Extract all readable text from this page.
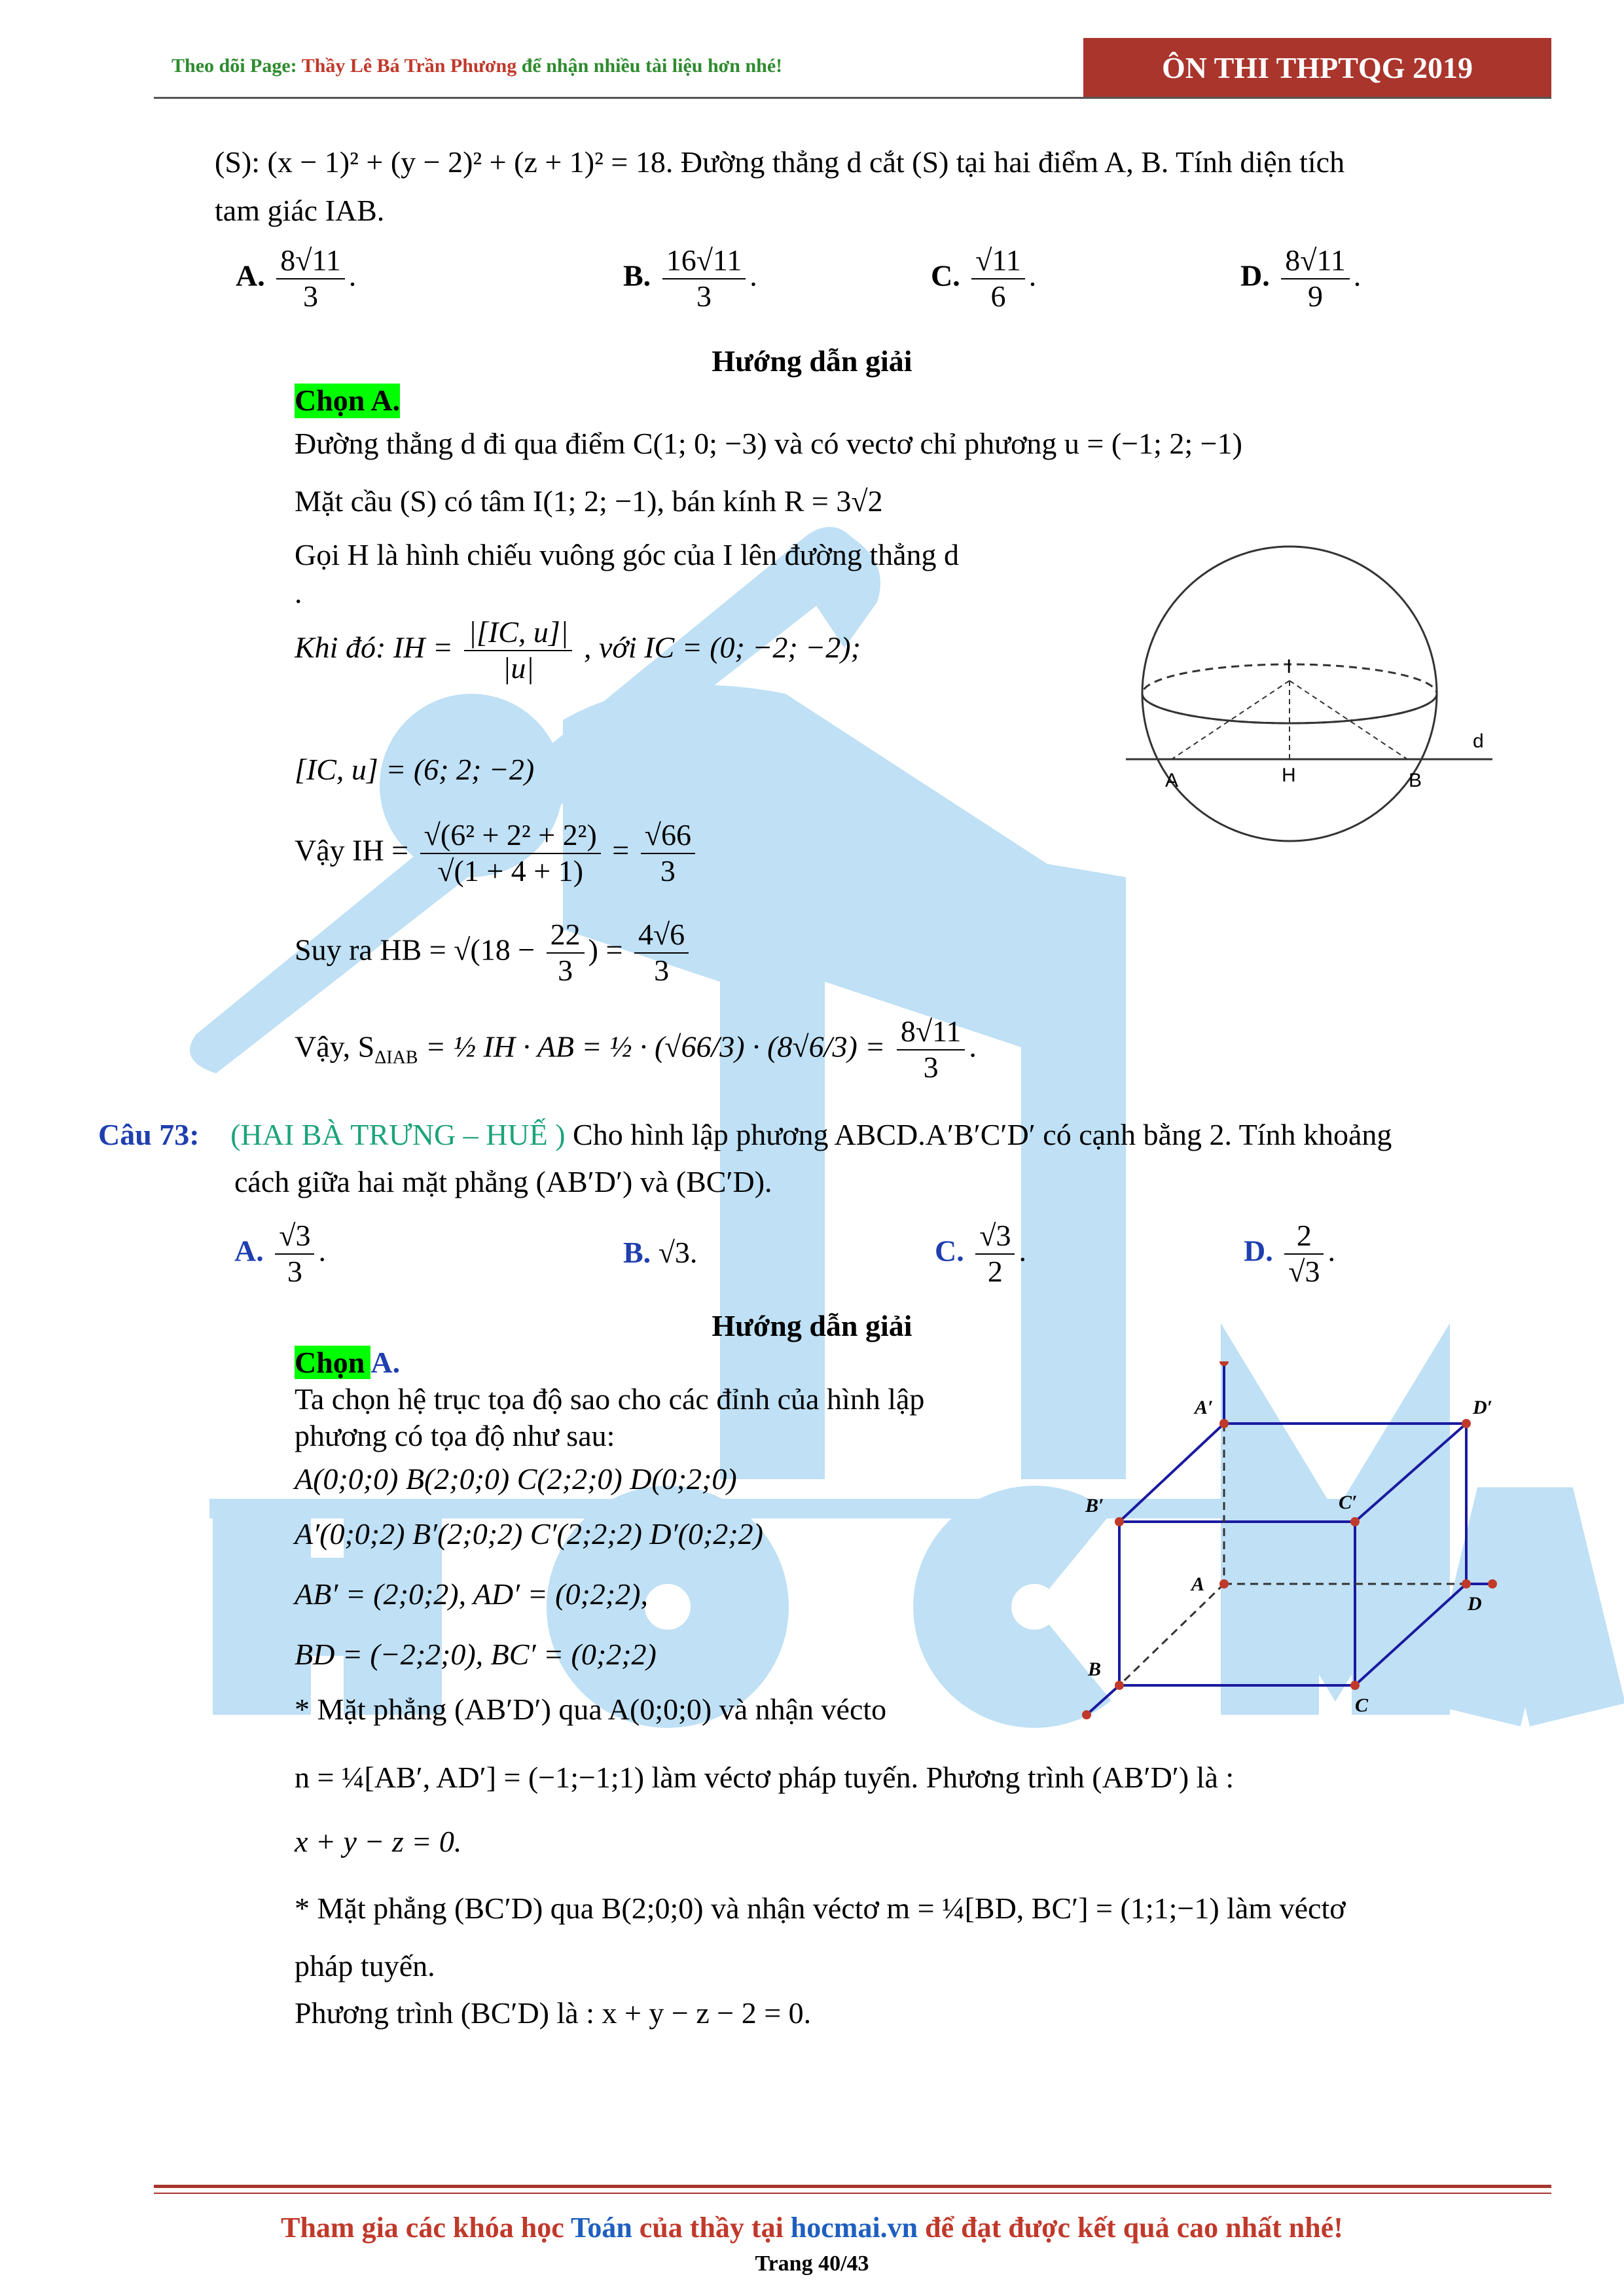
Theo dõi Page: Thầy Lê Bá Trần Phương để nhận nhiều tài liệu hơn nhé!	ÔN THI THPTQG 2019
(S): (x − 1)² + (y − 2)² + (z + 1)² = 18. Đường thẳng d cắt (S) tại hai điểm A, B. Tính diện tích
tam giác IAB.
A. $\frac{8√11}{3}$ .	B. $\frac{16√11}{3}$ .	C. $\frac{√11}{6}$ .	D. $\frac{8√11}{9}$ .
Hướng dẫn giải
Chọn A.
Đường thẳng d đi qua điểm C(1; 0; −3) và có vectơ chỉ phương u = (−1; 2; −1)
Mặt cầu (S) có tâm I(1; 2; −1), bán kính R = 3√2
Gọi H là hình chiếu vuông góc của I lên đường thẳng d
.
Khi đó: IH = $\frac{|[IC, u]|}{|u|}$ , với IC = (0; −2; −2);
[IC, u] = (6; 2; −2)
Vậy IH = $\frac{\text{√(6² + 2² + 2²)}}{√(1 + 4 + 1)} = \frac{√66}{3}$
Suy ra HB = $√(18 - \frac{22}{3}$ ) = $\frac{4√6}{3}$
Vậy, $S_{\Delta IAB}$ = ½ IH · AB = ½ · $(√66/3) \cdot (8√6/3) = \frac{8√11}{3}$ .
I
A	H	B
d
Câu 73: (HAI BÀ TRƯNG – HUẾ ) Cho hình lập phương ABCD.A′B′C′D′ có cạnh bằng 2. Tính khoảng
cách giữa hai mặt phẳng (AB′D′) và (BC′D).
A. $\frac{√3}{3}$ .	B. √3.	C. $\frac{√3}{2}$ .	D. $\frac{2}{√3}$ .
Hướng dẫn giải
Chọn A.
Ta chọn hệ trục tọa độ sao cho các đỉnh của hình lập
phương có tọa độ như sau:
A(0;0;0) B(2;0;0) C(2;2;0) D(0;2;0)
A′(0;0;2) B′(2;0;2) C′(2;2;2) D′(0;2;2)
AB′ = (2;0;2), AD′ = (0;2;2),
BD = (−2;2;0), BC′ = (0;2;2)
* Mặt phẳng (AB′D′) qua A(0;0;0) và nhận vécto
n = ¼[AB′, AD′] = (−1;−1;1) làm véctơ pháp tuyến. Phương trình (AB′D′) là :
x + y − z = 0.
* Mặt phẳng (BC′D) qua B(2;0;0) và nhận véctơ m = ¼[BD, BC′] = (1;1;−1) làm véctơ
pháp tuyến.
Phương trình (BC′D) là : x + y − z − 2 = 0.
A′	D′
B′	C′
A
D
B
C
Tham gia các khóa học Toán của thầy tại hocmai.vn để đạt được kết quả cao nhất nhé!
Trang 40/43
